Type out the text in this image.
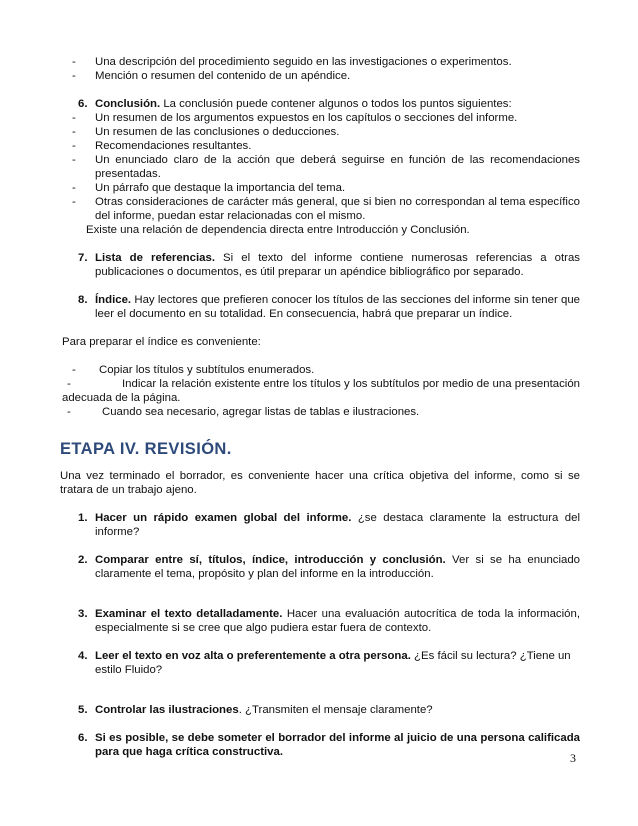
- Una descripción del procedimiento seguido en las investigaciones o experimentos.
- Mención o resumen del contenido de un apéndice.
6. Conclusión. La conclusión puede contener algunos o todos los puntos siguientes:
- Un resumen de los argumentos expuestos en los capítulos o secciones del informe.
- Un resumen de las conclusiones o deducciones.
- Recomendaciones resultantes.
- Un enunciado claro de la acción que deberá seguirse en función de las recomendaciones presentadas.
- Un párrafo que destaque la importancia del tema.
- Otras consideraciones de carácter más general, que si bien no correspondan al tema específico del informe, puedan estar relacionadas con el mismo.
Existe una relación de dependencia directa entre Introducción y Conclusión.
7. Lista de referencias. Si el texto del informe contiene numerosas referencias a otras publicaciones o documentos, es útil preparar un apéndice bibliográfico por separado.
8. Índice. Hay lectores que prefieren conocer los títulos de las secciones del informe sin tener que leer el documento en su totalidad. En consecuencia, habrá que preparar un índice.
Para preparar el índice es conveniente:
- Copiar los títulos y subtítulos enumerados.
-	Indicar la relación existente entre los títulos y los subtítulos por medio de una presentación adecuada de la página.
-	Cuando sea necesario, agregar listas de tablas e ilustraciones.
ETAPA IV. REVISIÓN.
Una vez terminado el borrador, es conveniente hacer una crítica objetiva del informe, como si se tratara de un trabajo ajeno.
1. Hacer un rápido examen global del informe. ¿se destaca claramente la estructura del informe?
2. Comparar entre sí, títulos, índice, introducción y conclusión. Ver si se ha enunciado claramente el tema, propósito y plan del informe en la introducción.
3. Examinar el texto detalladamente. Hacer una evaluación autocrítica de toda la información, especialmente si se cree que algo pudiera estar fuera de contexto.
4. Leer el texto en voz alta o preferentemente a otra persona. ¿Es fácil su lectura? ¿Tiene un estilo Fluido?
5. Controlar las ilustraciones. ¿Transmiten el mensaje claramente?
6. Si es posible, se debe someter el borrador del informe al juicio de una persona calificada para que haga crítica constructiva.	3
